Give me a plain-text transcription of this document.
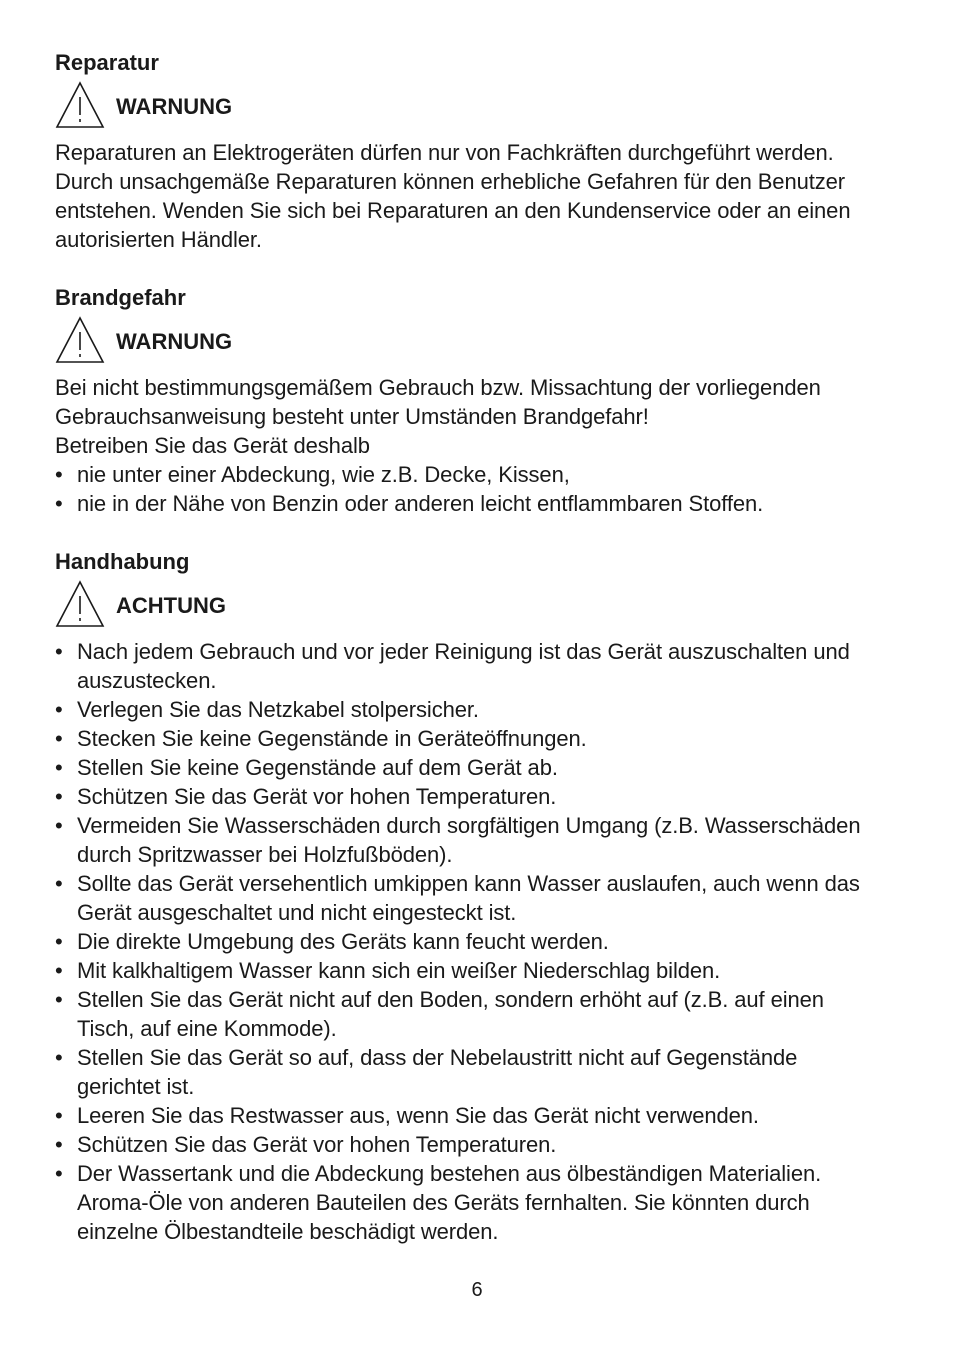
Reparatur
WARNUNG

Reparaturen an Elektrogeräten dürfen nur von Fachkräften durchgeführt werden. Durch unsachgemäße Reparaturen können erhebliche Gefahren für den Benutzer entstehen. Wenden Sie sich bei Reparaturen an den Kundenservice oder an einen autorisierten Händler.

Brandgefahr
WARNUNG

Bei nicht bestimmungsgemäßem Gebrauch bzw. Missachtung der vorliegenden Gebrauchsanweisung besteht unter Umständen Brandgefahr!

Betreiben Sie das Gerät deshalb

• nie unter einer Abdeckung, wie z.B. Decke, Kissen,
• nie in der Nähe von Benzin oder anderen leicht entflammbaren Stoffen.
Handhabung
ACHTUNG
• Nach jedem Gebrauch und vor jeder Reinigung ist das Gerät auszuschalten und auszustecken.
• Verlegen Sie das Netzkabel stolpersicher.
• Stecken Sie keine Gegenstände in Geräteöffnungen.
• Stellen Sie keine Gegenstände auf dem Gerät ab.
• Schützen Sie das Gerät vor hohen Temperaturen.
• Vermeiden Sie Wasserschäden durch sorgfältigen Umgang (z.B. Wasserschäden durch Spritzwasser bei Holzfußböden).
• Sollte das Gerät versehentlich umkippen kann Wasser auslaufen, auch wenn das Gerät ausgeschaltet und nicht eingesteckt ist.
• Die direkte Umgebung des Geräts kann feucht werden.
• Mit kalkhaltigem Wasser kann sich ein weißer Niederschlag bilden.
• Stellen Sie das Gerät nicht auf den Boden, sondern erhöht auf (z.B. auf einen Tisch, auf eine Kommode).
• Stellen Sie das Gerät so auf, dass der Nebelaustritt nicht auf Gegenstände gerichtet ist.
• Leeren Sie das Restwasser aus, wenn Sie das Gerät nicht verwenden.
• Schützen Sie das Gerät vor hohen Temperaturen.
• Der Wassertank und die Abdeckung bestehen aus ölbeständigen Materialien. Aroma-Öle von anderen Bauteilen des Geräts fernhalten. Sie könnten durch einzelne Ölbestandteile beschädigt werden.
6
